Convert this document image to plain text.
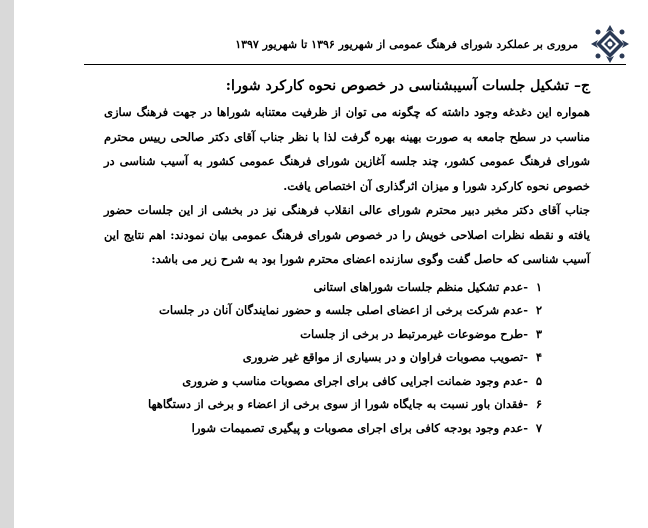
مروری بر عملکرد شورای فرهنگ عمومی از شهریور ۱۳۹۶ تا شهریور ۱۳۹۷
ج– تشکیل جلسات آسیبشناسی در خصوص نحوه کارکرد شورا:

همواره این دغدغه وجود داشته که چگونه می توان از ظرفیت معتنابه شوراها در جهت فرهنگ سازی مناسب در سطح جامعه به صورت بهینه بهره گرفت لذا با نظر جناب آقای دکتر صالحی رییس محترم شورای فرهنگ عمومی کشور، چند جلسه آغازین شورای فرهنگ عمومی کشور به آسیب شناسی در خصوص نحوه کارکرد شورا و میزان اثرگذاری آن اختصاص یافت.

جناب آقای دکتر مخبر دبیر محترم شورای عالی انقلاب فرهنگی نیز در بخشی از این جلسات حضور یافته و نقطه نظرات اصلاحی خویش را در خصوص شورای فرهنگ عمومی بیان نمودند: اهم نتایج این آسیب شناسی که حاصل گفت وگوی سازنده اعضای محترم شورا بود به شرح زیر می باشد:

۱ -عدم تشکیل منظم جلسات شوراهای استانی
۲ -عدم شرکت برخی از اعضای اصلی جلسه و حضور نمایندگان آنان در جلسات
۳ -طرح موضوعات غیرمرتبط در برخی از جلسات
۴ -تصویب مصوبات فراوان و در بسیاری از مواقع غیر ضروری
۵ -عدم وجود ضمانت اجرایی کافی برای اجرای مصوبات مناسب و ضروری
۶ -فقدان باور نسبت به جایگاه شورا از سوی برخی از اعضاء و برخی از دستگاهها
۷ -عدم وجود بودجه کافی برای اجرای مصوبات و پیگیری تصمیمات شورا
